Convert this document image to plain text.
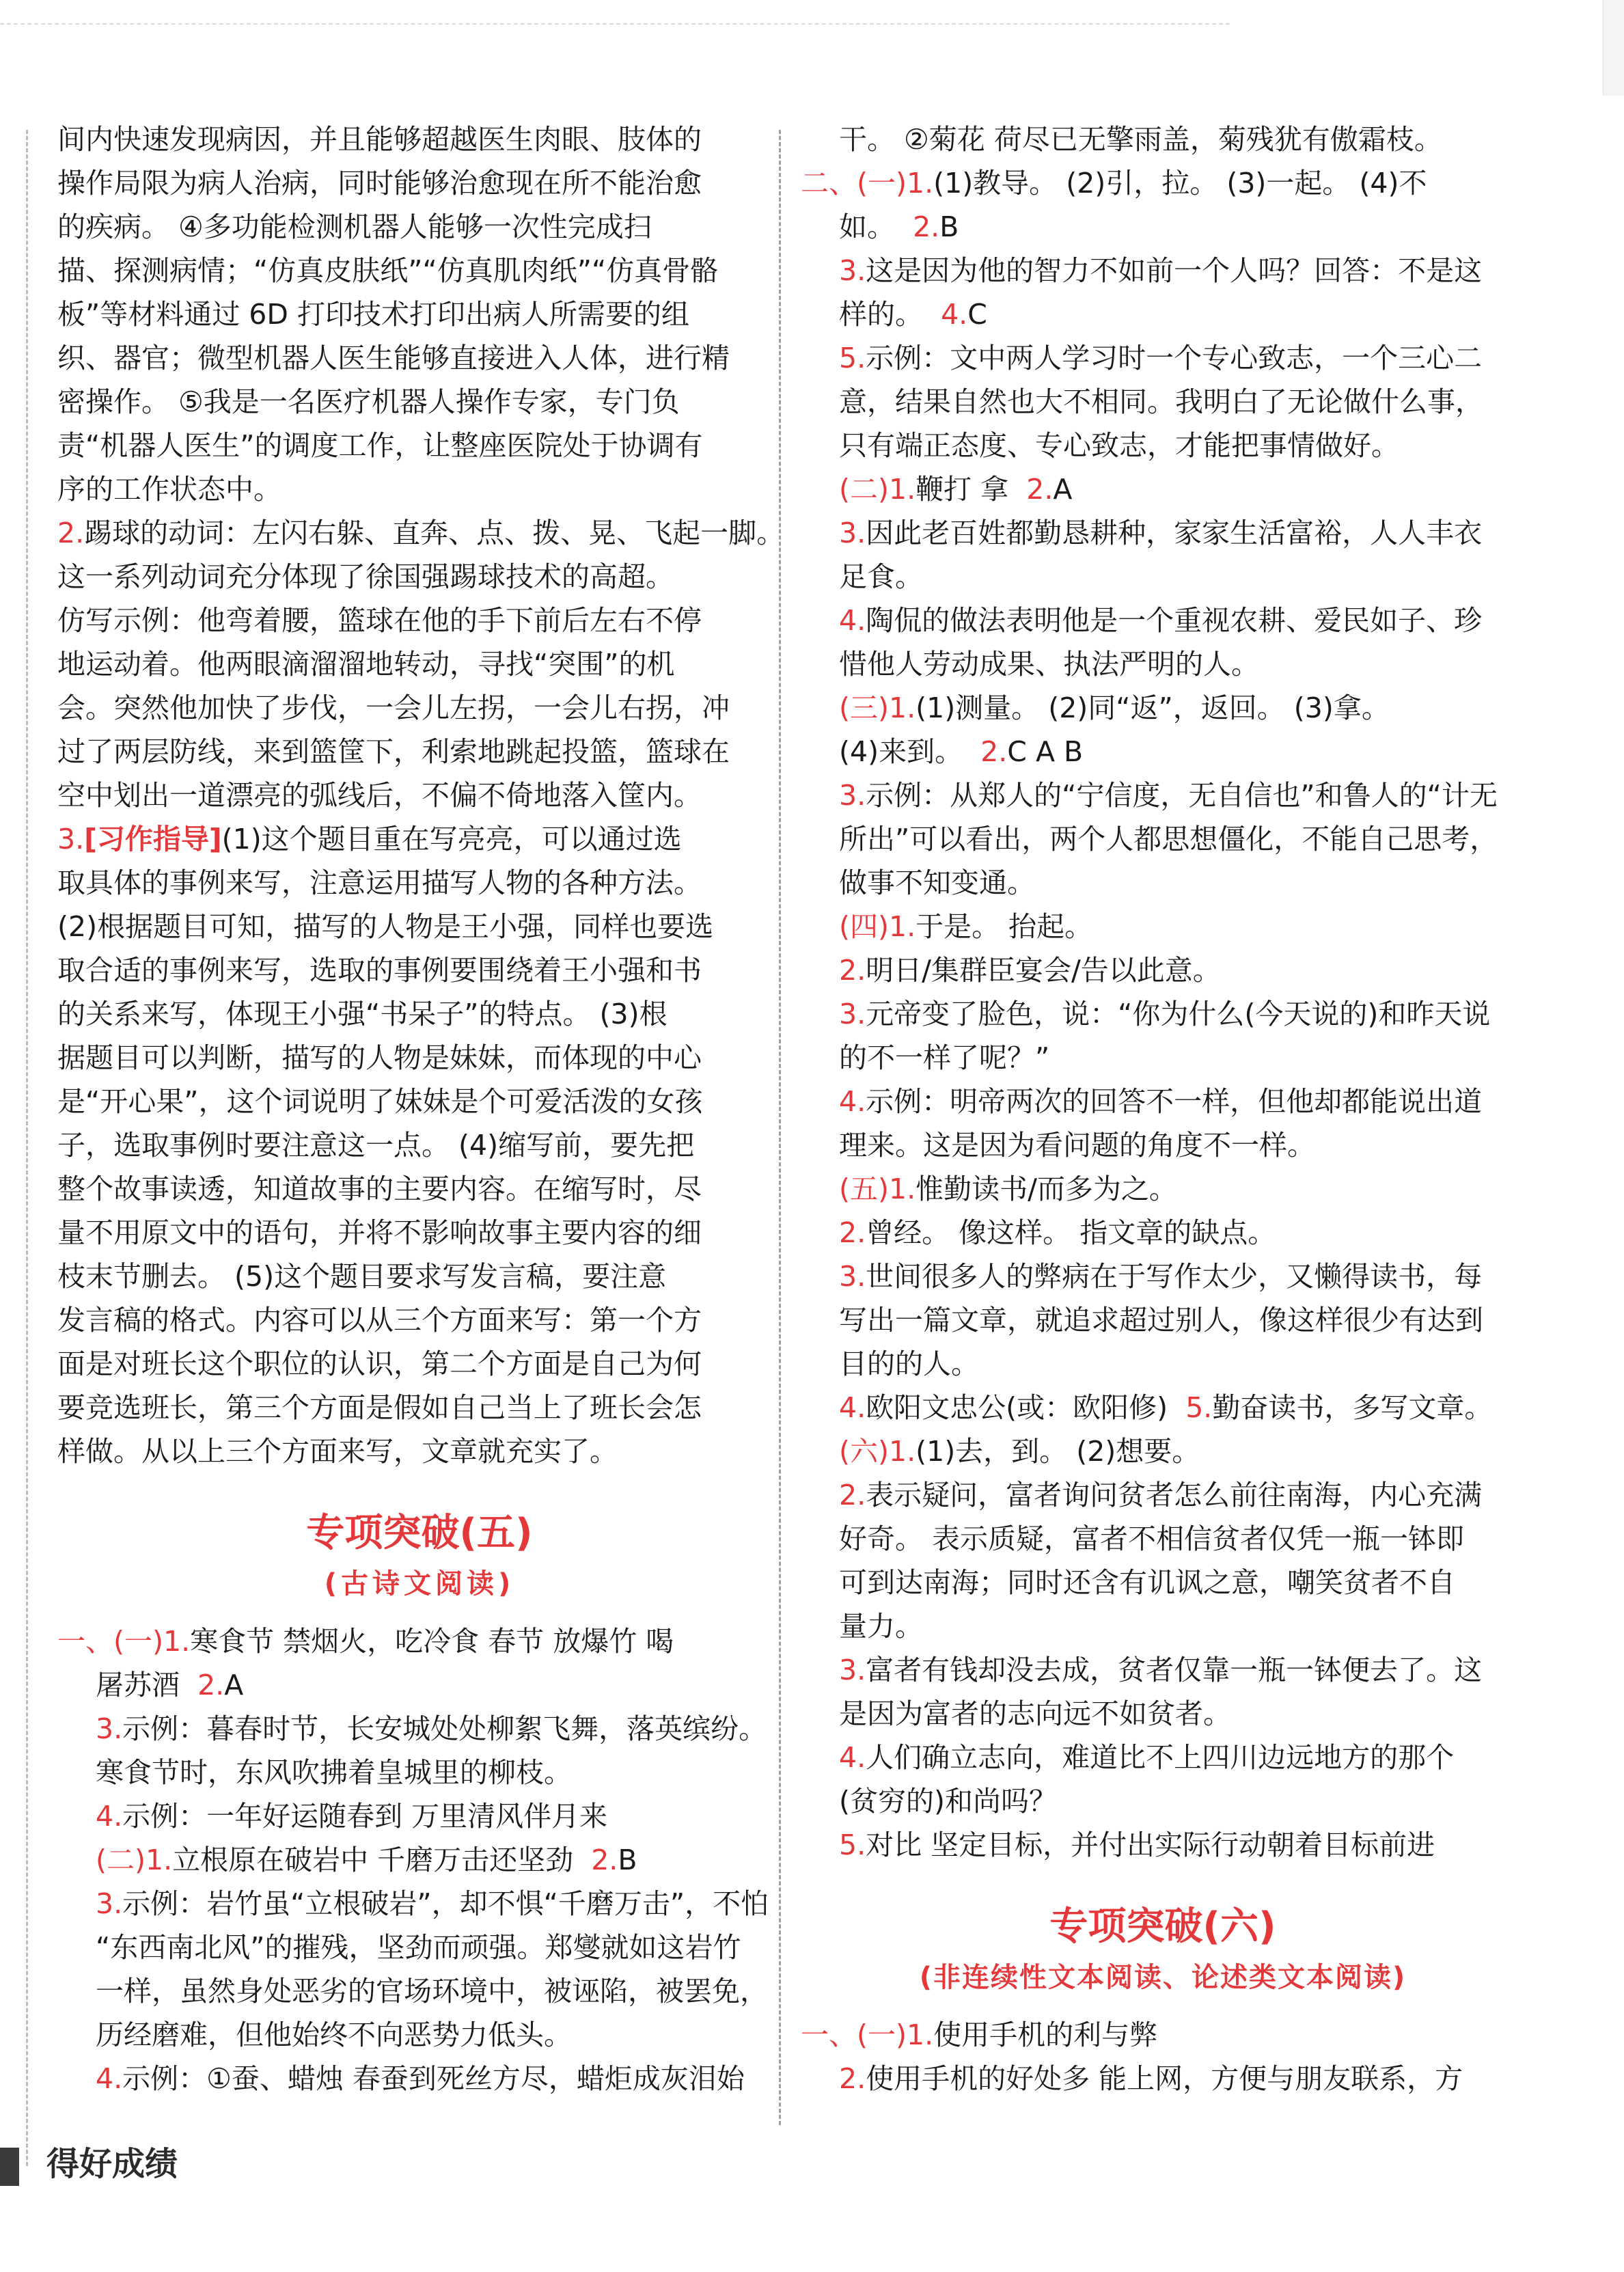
间内快速发现病因，并且能够超越医生肉眼、肢体的

操作局限为病人治病，同时能够治愈现在所不能治愈

的疾病。 ④多功能检测机器人能够一次性完成扫

描、探测病情；“仿真皮肤纸”“仿真肌肉纸”“仿真骨骼

板”等材料通过 6D 打印技术打印出病人所需要的组

织、器官；微型机器人医生能够直接进入人体，进行精

密操作。 ⑤我是一名医疗机器人操作专家，专门负

责“机器人医生”的调度工作，让整座医院处于协调有

序的工作状态中。

2.踢球的动词：左闪右躲、直奔、点、拨、晃、飞起一脚。

这一系列动词充分体现了徐国强踢球技术的高超。

仿写示例：他弯着腰，篮球在他的手下前后左右不停

地运动着。他两眼滴溜溜地转动，寻找“突围”的机

会。突然他加快了步伐，一会儿左拐，一会儿右拐，冲

过了两层防线，来到篮筐下，利索地跳起投篮，篮球在

空中划出一道漂亮的弧线后，不偏不倚地落入筐内。

3.[习作指导](1)这个题目重在写亮亮，可以通过选

取具体的事例来写，注意运用描写人物的各种方法。

(2)根据题目可知，描写的人物是王小强，同样也要选

取合适的事例来写，选取的事例要围绕着王小强和书

的关系来写，体现王小强“书呆子”的特点。 (3)根

据题目可以判断，描写的人物是妹妹，而体现的中心

是“开心果”，这个词说明了妹妹是个可爱活泼的女孩

子，选取事例时要注意这一点。 (4)缩写前，要先把

整个故事读透，知道故事的主要内容。在缩写时，尽

量不用原文中的语句，并将不影响故事主要内容的细

枝末节删去。 (5)这个题目要求写发言稿，要注意

发言稿的格式。内容可以从三个方面来写：第一个方

面是对班长这个职位的认识，第二个方面是自己为何

要竞选班长，第三个方面是假如自己当上了班长会怎

样做。从以上三个方面来写，文章就充实了。

专项突破(五)
(古诗文阅读)

一、(一)1.寒食节 禁烟火，吃冷食 春节 放爆竹 喝

屠苏酒 2.A

3.示例：暮春时节，长安城处处柳絮飞舞，落英缤纷。

寒食节时，东风吹拂着皇城里的柳枝。

4.示例：一年好运随春到 万里清风伴月来

(二)1.立根原在破岩中 千磨万击还坚劲 2.B

3.示例：岩竹虽“立根破岩”，却不惧“千磨万击”，不怕

“东西南北风”的摧残，坚劲而顽强。郑燮就如这岩竹

一样，虽然身处恶劣的官场环境中，被诬陷，被罢免，

历经磨难，但他始终不向恶势力低头。

4.示例：①蚕、蜡烛 春蚕到死丝方尽，蜡炬成灰泪始

干。 ②菊花 荷尽已无擎雨盖，菊残犹有傲霜枝。

二、(一)1.(1)教导。 (2)引，拉。 (3)一起。 (4)不

如。 2.B

3.这是因为他的智力不如前一个人吗？回答：不是这

样的。 4.C

5.示例：文中两人学习时一个专心致志，一个三心二

意，结果自然也大不相同。我明白了无论做什么事，

只有端正态度、专心致志，才能把事情做好。

(二)1.鞭打 拿 2.A

3.因此老百姓都勤恳耕种，家家生活富裕，人人丰衣

足食。

4.陶侃的做法表明他是一个重视农耕、爱民如子、珍

惜他人劳动成果、执法严明的人。

(三)1.(1)测量。 (2)同“返”，返回。 (3)拿。

(4)来到。 2.C A B

3.示例：从郑人的“宁信度，无自信也”和鲁人的“计无

所出”可以看出，两个人都思想僵化，不能自己思考，

做事不知变通。

(四)1.于是。 抬起。

2.明日/集群臣宴会/告以此意。

3.元帝变了脸色，说：“你为什么(今天说的)和昨天说

的不一样了呢？”

4.示例：明帝两次的回答不一样，但他却都能说出道

理来。这是因为看问题的角度不一样。

(五)1.惟勤读书/而多为之。

2.曾经。 像这样。 指文章的缺点。

3.世间很多人的弊病在于写作太少，又懒得读书，每

写出一篇文章，就追求超过别人，像这样很少有达到

目的的人。

4.欧阳文忠公(或：欧阳修) 5.勤奋读书，多写文章。

(六)1.(1)去，到。 (2)想要。

2.表示疑问，富者询问贫者怎么前往南海，内心充满

好奇。 表示质疑，富者不相信贫者仅凭一瓶一钵即

可到达南海；同时还含有讥讽之意，嘲笑贫者不自

量力。

3.富者有钱却没去成，贫者仅靠一瓶一钵便去了。这

是因为富者的志向远不如贫者。

4.人们确立志向，难道比不上四川边远地方的那个

(贫穷的)和尚吗？

5.对比 坚定目标，并付出实际行动朝着目标前进

专项突破(六)
(非连续性文本阅读、论述类文本阅读)

一、(一)1.使用手机的利与弊

2.使用手机的好处多 能上网，方便与朋友联系，方

得好成绩
